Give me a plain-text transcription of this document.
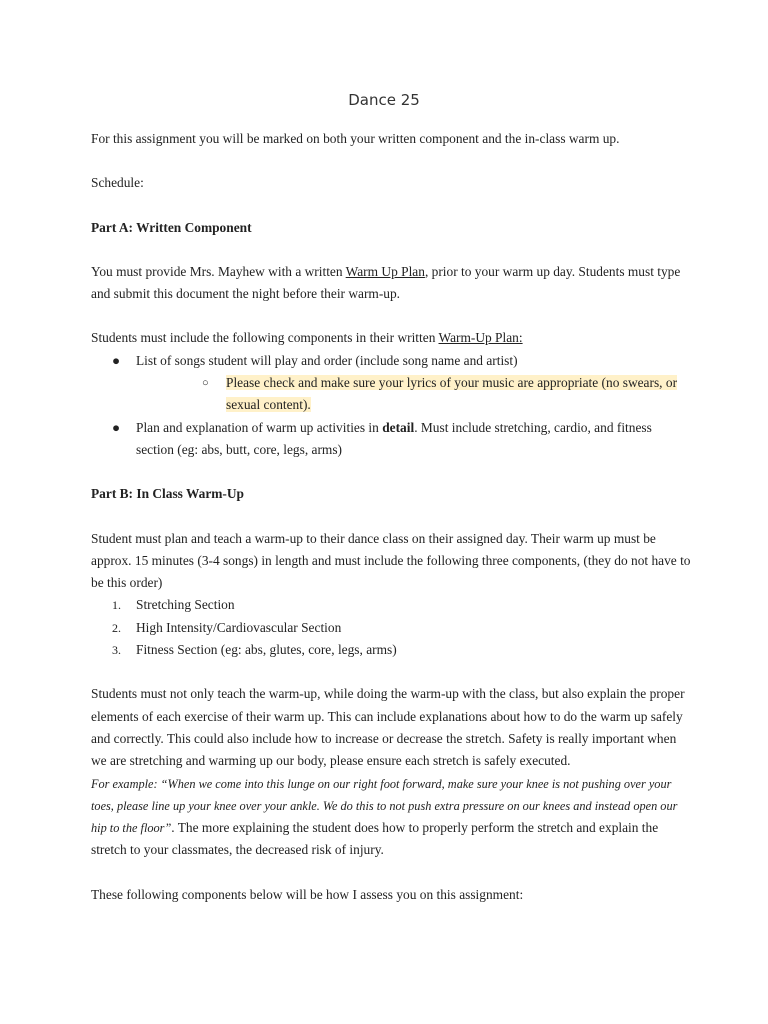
Dance 25

For this assignment you will be marked on both your written component and the in-class warm up.

Schedule:

Part A: Written Component

You must provide Mrs. Mayhew with a written Warm Up Plan, prior to your warm up day. Students must type and submit this document the night before their warm-up.

Students must include the following components in their written Warm-Up Plan:

● List of songs student will play and order (include song name and artist)
○ Please check and make sure your lyrics of your music are appropriate (no swears, or sexual content).
● Plan and explanation of warm up activities in detail. Must include stretching, cardio, and fitness section (eg: abs, butt, core, legs, arms)

Part B: In Class Warm-Up

Student must plan and teach a warm-up to their dance class on their assigned day. Their warm up must be approx. 15 minutes (3-4 songs) in length and must include the following three components, (they do not have to be this order)

1. Stretching Section
2. High Intensity/Cardiovascular Section
3. Fitness Section (eg: abs, glutes, core, legs, arms)

Students must not only teach the warm-up, while doing the warm-up with the class, but also explain the proper elements of each exercise of their warm up. This can include explanations about how to do the warm up safely and correctly. This could also include how to increase or decrease the stretch. Safety is really important when we are stretching and warming up our body, please ensure each stretch is safely executed.

For example: “When we come into this lunge on our right foot forward, make sure your knee is not pushing over your toes, please line up your knee over your ankle. We do this to not push extra pressure on our knees and instead open our hip to the floor”. The more explaining the student does how to properly perform the stretch and explain the stretch to your classmates, the decreased risk of injury.

These following components below will be how I assess you on this assignment:
